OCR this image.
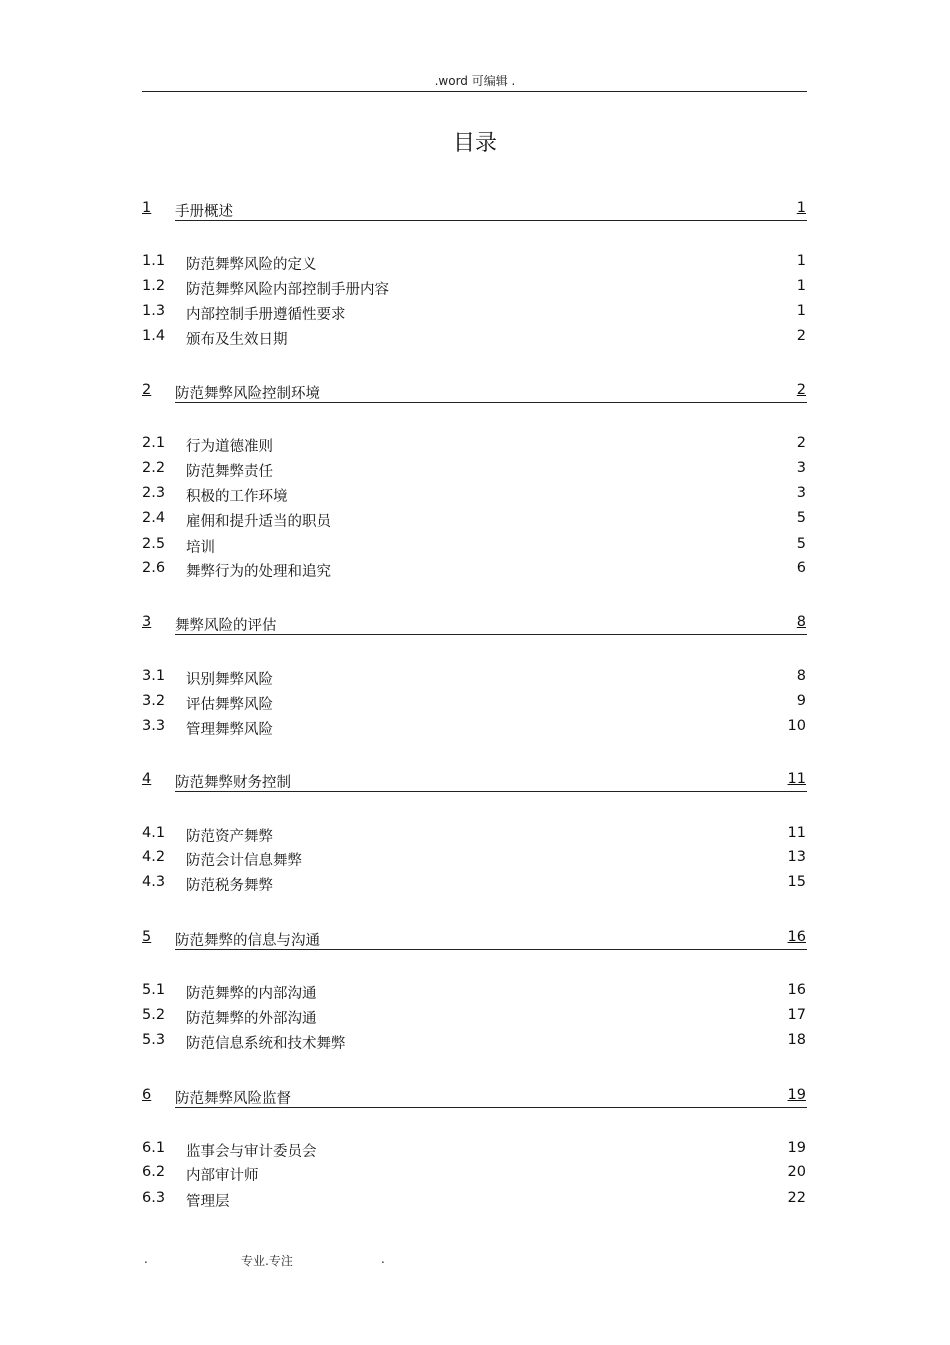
.word 可编辑 .
目录
1 手册概述	1
1.1 防范舞弊风险的定义	1
1.2 防范舞弊风险内部控制手册内容	1
1.3 内部控制手册遵循性要求	1
1.4 颁布及生效日期	2
2 防范舞弊风险控制环境	2
2.1 行为道德准则	2
2.2 防范舞弊责任	3
2.3 积极的工作环境	3
2.4 雇佣和提升适当的职员	5
2.5 培训	5
2.6 舞弊行为的处理和追究	6
3 舞弊风险的评估	8
3.1 识别舞弊风险	8
3.2 评估舞弊风险	9
3.3 管理舞弊风险	10
4 防范舞弊财务控制	11
4.1 防范资产舞弊	11
4.2 防范会计信息舞弊	13
4.3 防范税务舞弊	15
5 防范舞弊的信息与沟通	16
5.1 防范舞弊的内部沟通	16
5.2 防范舞弊的外部沟通	17
5.3 防范信息系统和技术舞弊	18
6 防范舞弊风险监督	19
6.1 监事会与审计委员会	19
6.2 内部审计师	20
6.3 管理层	22
.	专业.专注	.
